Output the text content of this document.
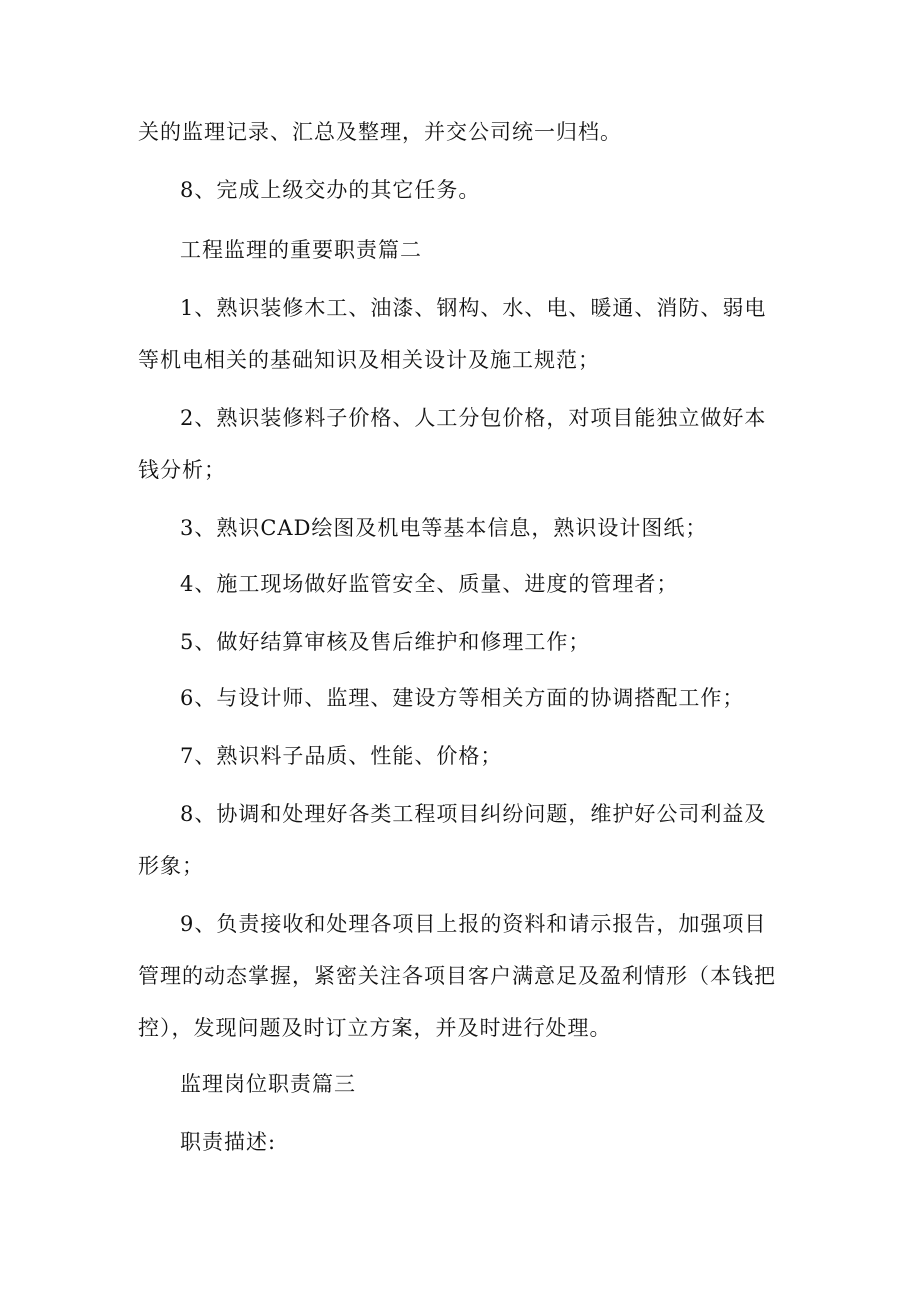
关的监理记录、汇总及整理，并交公司统一归档。

8、完成上级交办的其它任务。

工程监理的重要职责篇二

1、熟识装修木工、油漆、钢构、水、电、暖通、消防、弱电等机电相关的基础知识及相关设计及施工规范；

2、熟识装修料子价格、人工分包价格，对项目能独立做好本钱分析；

3、熟识CAD绘图及机电等基本信息，熟识设计图纸；

4、施工现场做好监管安全、质量、进度的管理者；

5、做好结算审核及售后维护和修理工作；

6、与设计师、监理、建设方等相关方面的协调搭配工作；

7、熟识料子品质、性能、价格；

8、协调和处理好各类工程项目纠纷问题，维护好公司利益及形象；

9、负责接收和处理各项目上报的资料和请示报告，加强项目管理的动态掌握，紧密关注各项目客户满意足及盈利情形（本钱把控），发现问题及时订立方案，并及时进行处理。

监理岗位职责篇三

职责描述:
